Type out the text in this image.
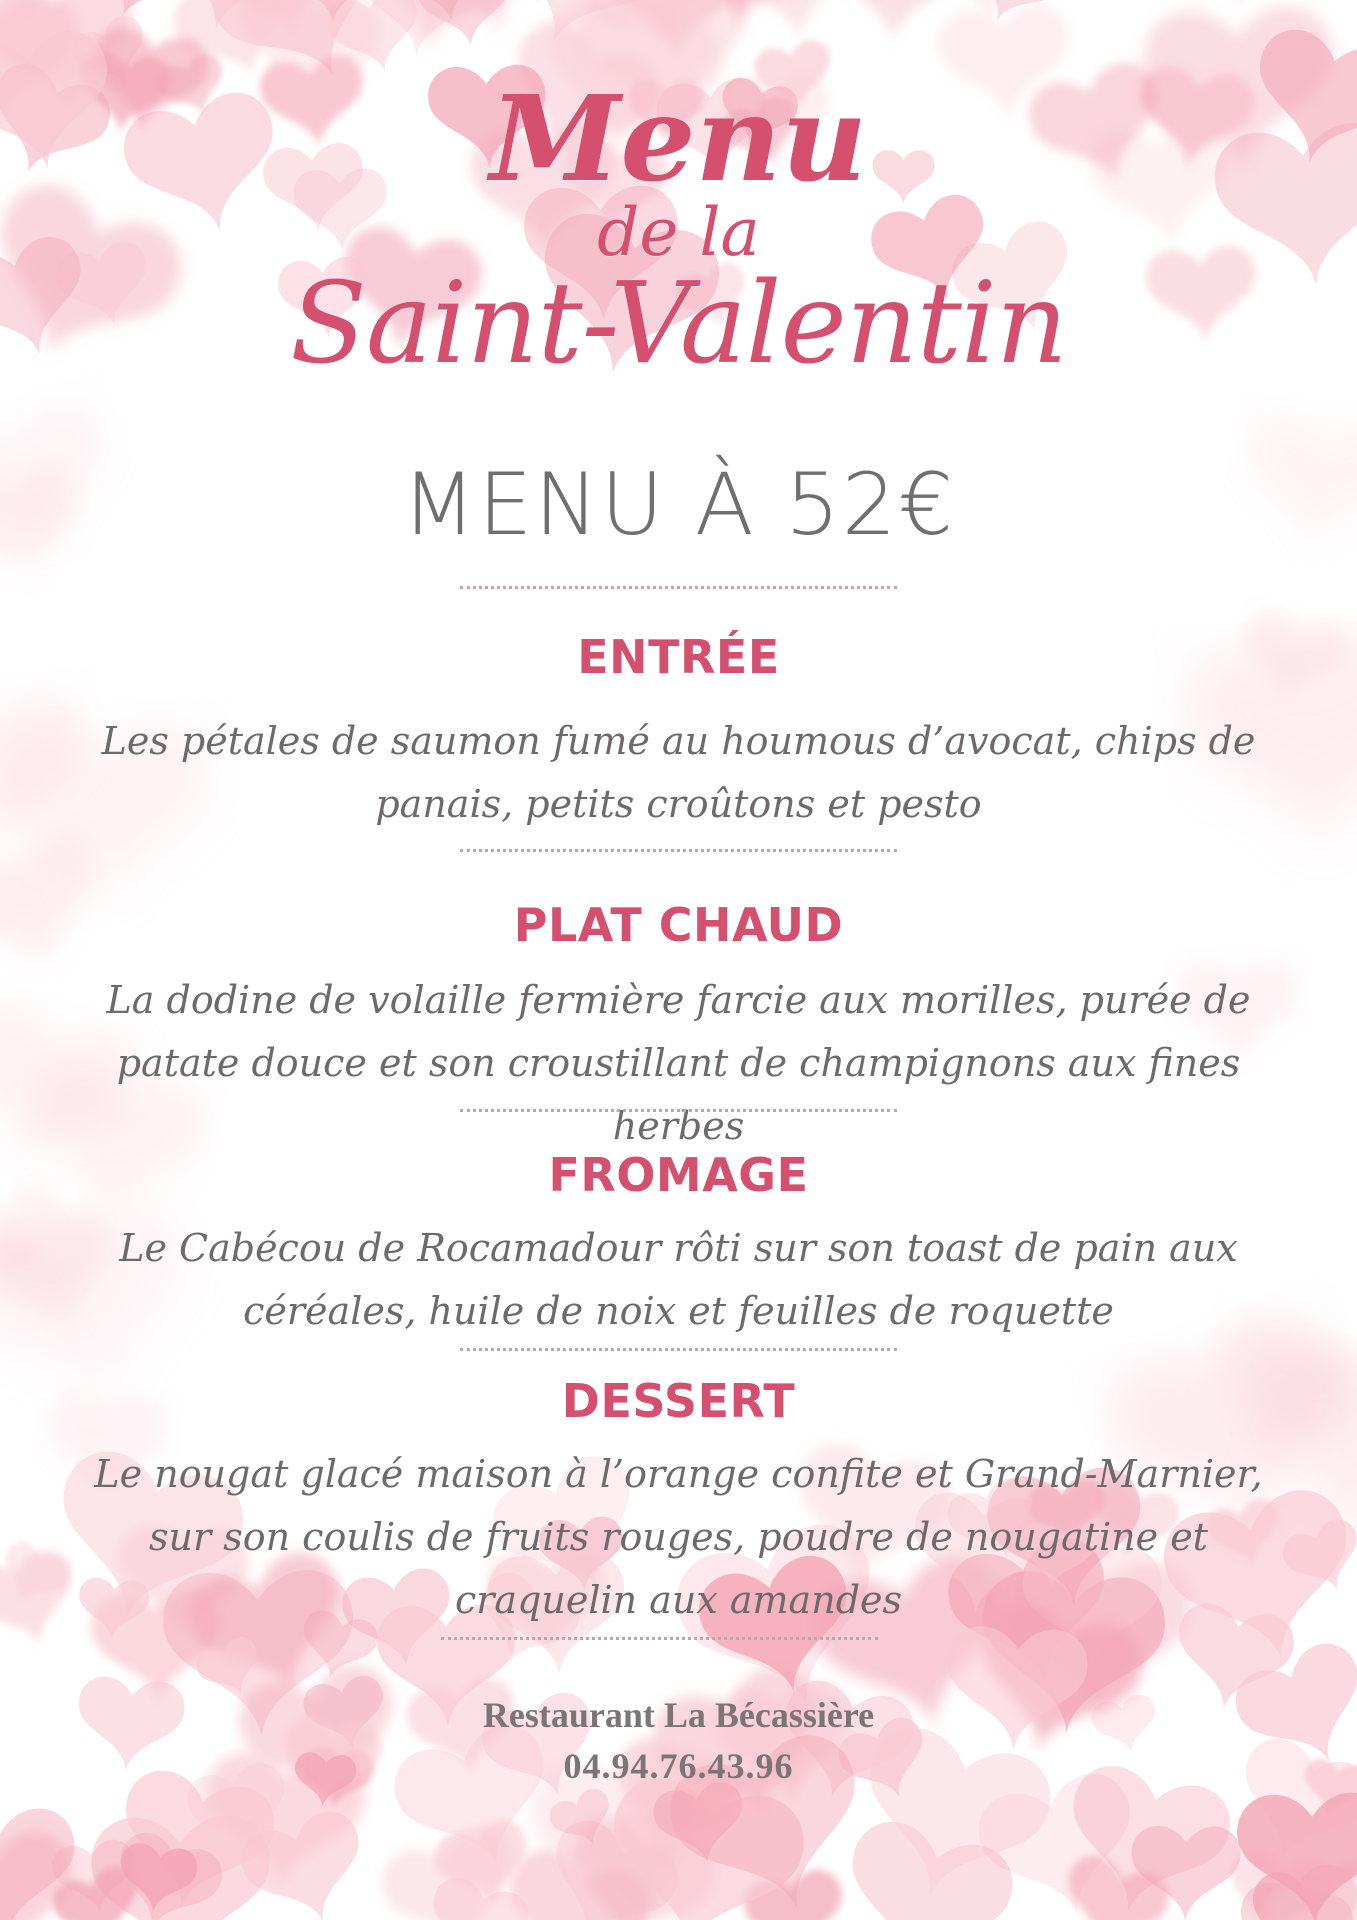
Menu
de la
Saint-Valentin
MENU À 52€
ENTRÉE

Les pétales de saumon fumé au houmous d’avocat, chips de panais, petits croûtons et pesto

PLAT CHAUD

La dodine de volaille fermière farcie aux morilles, purée de patate douce et son croustillant de champignons aux fines herbes

FROMAGE

Le Cabécou de Rocamadour rôti sur son toast de pain aux céréales, huile de noix et feuilles de roquette

DESSERT

Le nougat glacé maison à l’orange confite et Grand-Marnier, sur son coulis de fruits rouges, poudre de nougatine et craquelin aux amandes

Restaurant La Bécassière
04.94.76.43.96
